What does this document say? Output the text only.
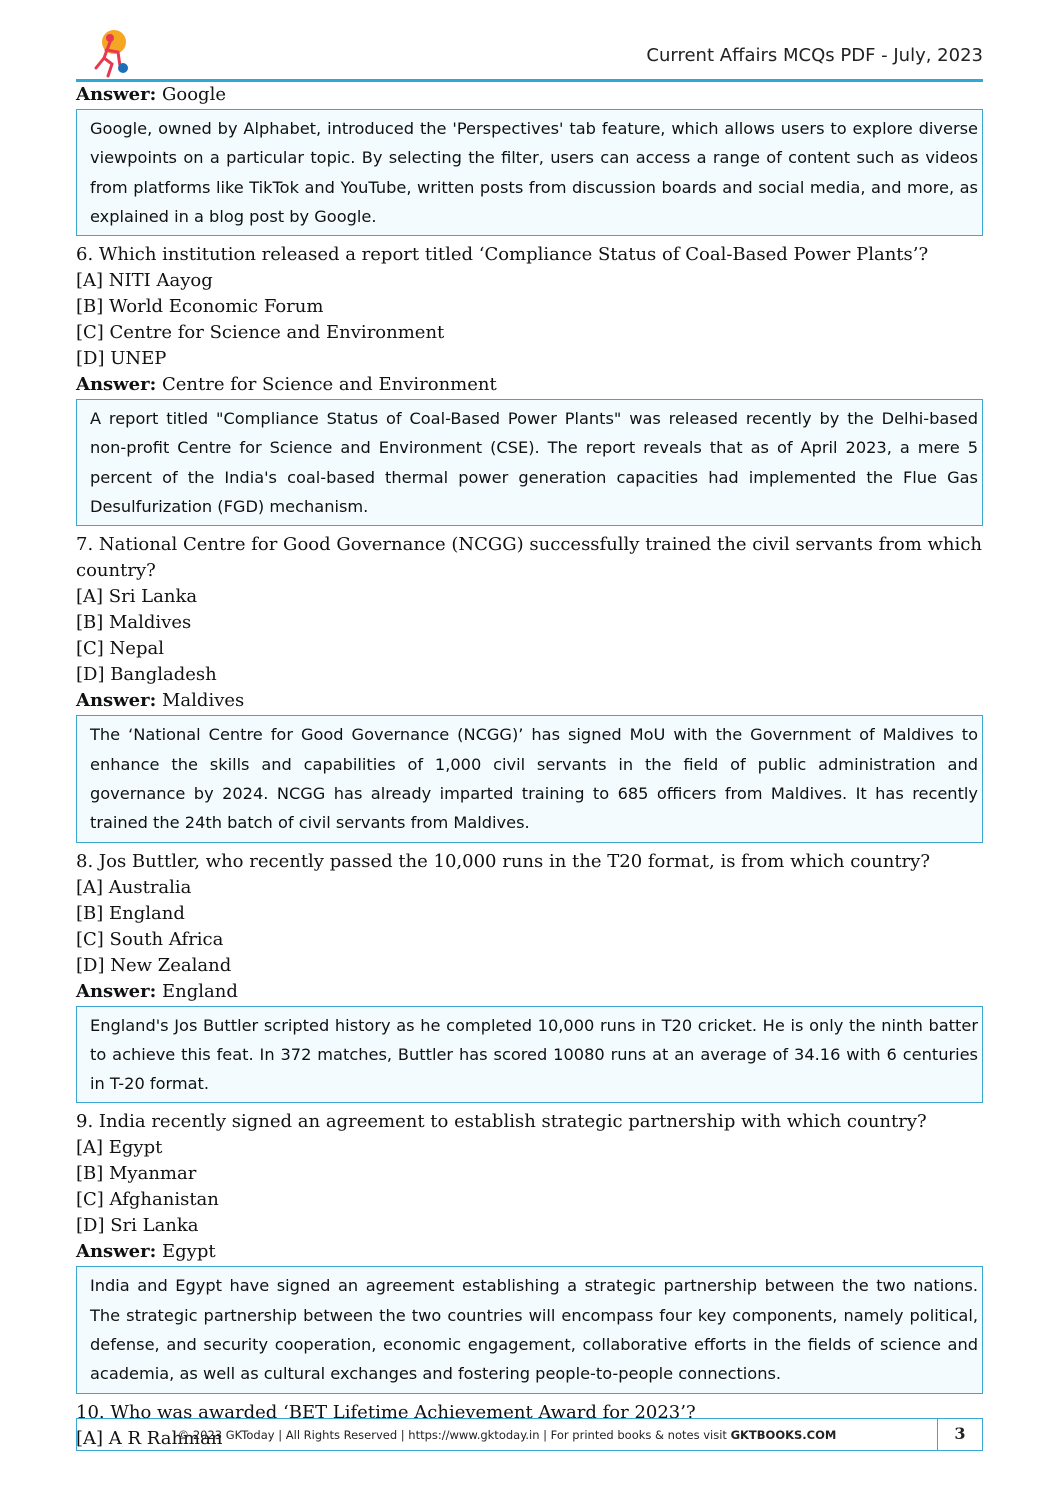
Current Affairs MCQs PDF - July, 2023
Answer: Google
Google, owned by Alphabet, introduced the 'Perspectives' tab feature, which allows users to explore diverse viewpoints on a particular topic. By selecting the filter, users can access a range of content such as videos from platforms like TikTok and YouTube, written posts from discussion boards and social media, and more, as explained in a blog post by Google.
6. Which institution released a report titled ‘Compliance Status of Coal-Based Power Plants’?
[A] NITI Aayog
[B] World Economic Forum
[C] Centre for Science and Environment
[D] UNEP
Answer: Centre for Science and Environment
A report titled "Compliance Status of Coal-Based Power Plants" was released recently by the Delhi-based non-profit Centre for Science and Environment (CSE). The report reveals that as of April 2023, a mere 5 percent of the India's coal-based thermal power generation capacities had implemented the Flue Gas Desulfurization (FGD) mechanism.
7. National Centre for Good Governance (NCGG) successfully trained the civil servants from which country?
[A] Sri Lanka
[B] Maldives
[C] Nepal
[D] Bangladesh
Answer: Maldives
The ‘National Centre for Good Governance (NCGG)’ has signed MoU with the Government of Maldives to enhance the skills and capabilities of 1,000 civil servants in the field of public administration and governance by 2024. NCGG has already imparted training to 685 officers from Maldives. It has recently trained the 24th batch of civil servants from Maldives.
8. Jos Buttler, who recently passed the 10,000 runs in the T20 format, is from which country?
[A] Australia
[B] England
[C] South Africa
[D] New Zealand
Answer: England
England's Jos Buttler scripted history as he completed 10,000 runs in T20 cricket. He is only the ninth batter to achieve this feat. In 372 matches, Buttler has scored 10080 runs at an average of 34.16 with 6 centuries in T-20 format.
9. India recently signed an agreement to establish strategic partnership with which country?
[A] Egypt
[B] Myanmar
[C] Afghanistan
[D] Sri Lanka
Answer: Egypt
India and Egypt have signed an agreement establishing a strategic partnership between the two nations. The strategic partnership between the two countries will encompass four key components, namely political, defense, and security cooperation, economic engagement, collaborative efforts in the fields of science and academia, as well as cultural exchanges and fostering people-to-people connections.
10. Who was awarded ‘BET Lifetime Achievement Award for 2023’?
[A] A R Rahman
© 2023 GKToday | All Rights Reserved | https://www.gktoday.in | For printed books & notes visit GKTBOOKS.COM	3
